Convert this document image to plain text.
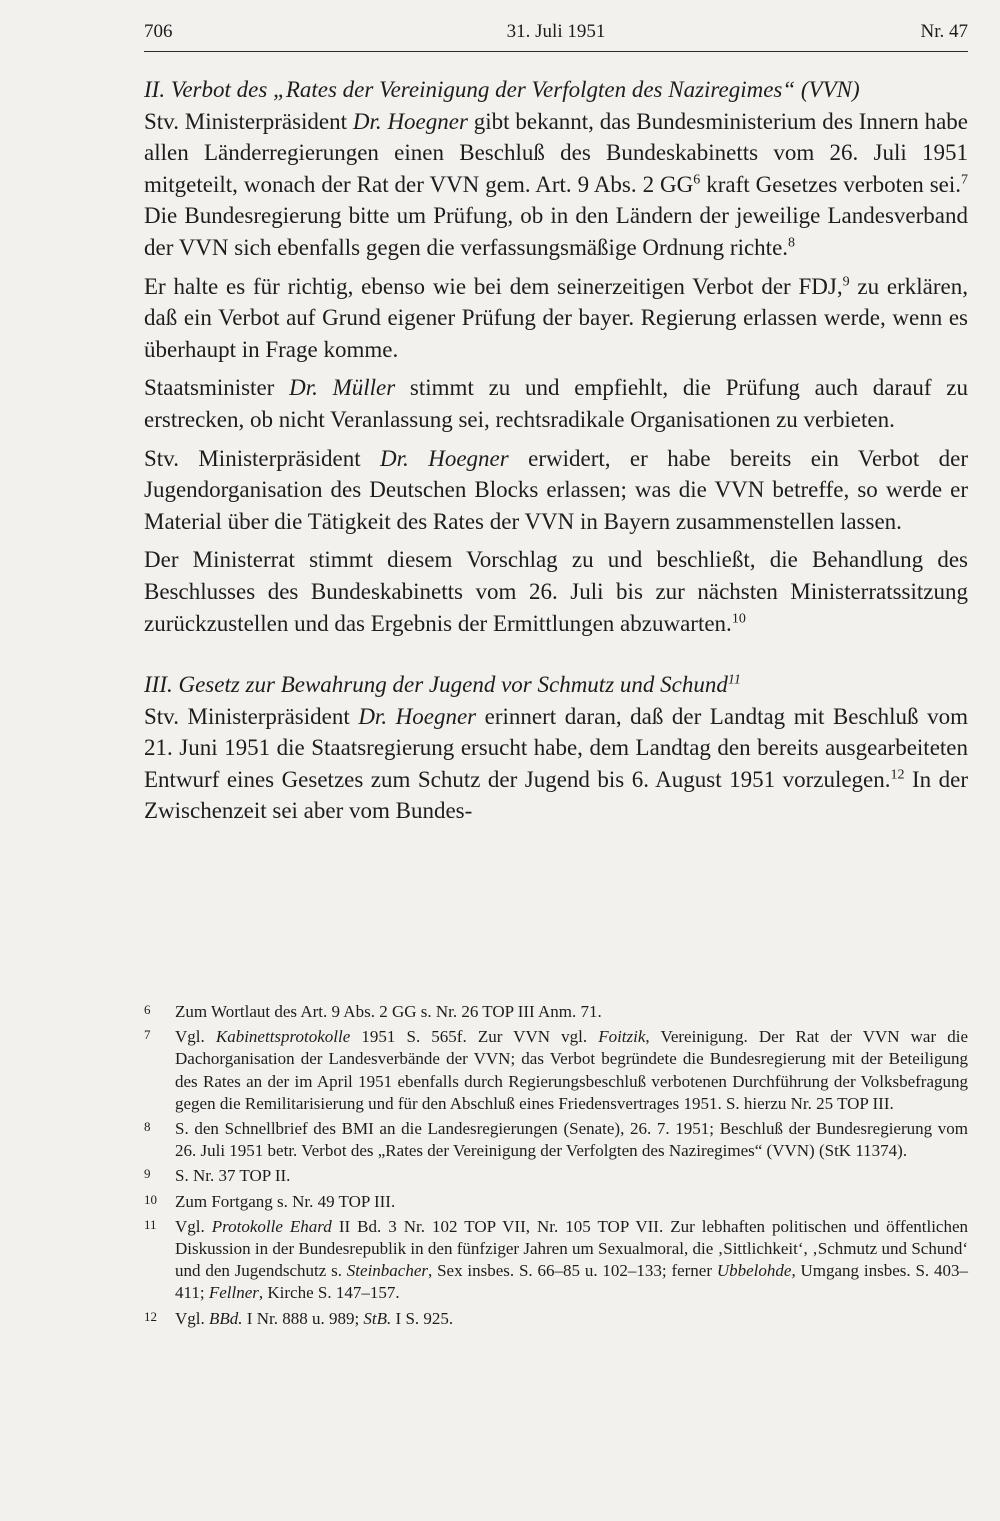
706	31. Juli 1951	Nr. 47

II. Verbot des „Rates der Vereinigung der Verfolgten des Naziregimes“ (VVN)

Stv. Ministerpräsident Dr. Hoegner gibt bekannt, das Bundesministerium des Innern habe allen Länderregierungen einen Beschluß des Bundeskabinetts vom 26. Juli 1951 mitgeteilt, wonach der Rat der VVN gem. Art. 9 Abs. 2 $GG^6$ kraft Gesetzes verboten sei.$^7$ Die Bundesregierung bitte um Prüfung, ob in den Ländern der jeweilige Landesverband der VVN sich ebenfalls gegen die verfassungsmäßige Ordnung richte.$^8$

Er halte es für richtig, ebenso wie bei dem seinerzeitigen Verbot der FDJ,$^9$ zu erklären, daß ein Verbot auf Grund eigener Prüfung der bayer. Regierung erlassen werde, wenn es überhaupt in Frage komme.

Staatsminister Dr. Müller stimmt zu und empfiehlt, die Prüfung auch darauf zu erstrecken, ob nicht Veranlassung sei, rechtsradikale Organisationen zu verbieten.

Stv. Ministerpräsident Dr. Hoegner erwidert, er habe bereits ein Verbot der Jugendorganisation des Deutschen Blocks erlassen; was die VVN betreffe, so werde er Material über die Tätigkeit des Rates der VVN in Bayern zusammenstellen lassen.

Der Ministerrat stimmt diesem Vorschlag zu und beschließt, die Behandlung des Beschlusses des Bundeskabinetts vom 26. Juli bis zur nächsten Ministerratssitzung zurückzustellen und das Ergebnis der Ermittlungen abzuwarten.$^{10}$

III. Gesetz zur Bewahrung der Jugend vor Schmutz und Schund$^{11}$

Stv. Ministerpräsident Dr. Hoegner erinnert daran, daß der Landtag mit Beschluß vom 21. Juni 1951 die Staatsregierung ersucht habe, dem Landtag den bereits ausgearbeiteten Entwurf eines Gesetzes zum Schutz der Jugend bis 6. August 1951 vorzulegen.$^{12}$ In der Zwischenzeit sei aber vom Bundes-

6 Zum Wortlaut des Art. 9 Abs. 2 GG s. Nr. 26 TOP III Anm. 71.
7 Vgl. Kabinettsprotokolle 1951 S. 565f. Zur VVN vgl. Foitzik, Vereinigung. Der Rat der VVN war die Dachorganisation der Landesverbände der VVN; das Verbot begründete die Bundesregierung mit der Beteiligung des Rates an der im April 1951 ebenfalls durch Regierungsbeschluß verbotenen Durchführung der Volksbefragung gegen die Remilitarisierung und für den Abschluß eines Friedensvertrages 1951. S. hierzu Nr. 25 TOP III.
8 S. den Schnellbrief des BMI an die Landesregierungen (Senate), 26. 7. 1951; Beschluß der Bundesregierung vom 26. Juli 1951 betr. Verbot des „Rates der Vereinigung der Verfolgten des Naziregimes“ (VVN) (StK 11374).
9 S. Nr. 37 TOP II.
10 Zum Fortgang s. Nr. 49 TOP III.
11 Vgl. Protokolle Ehard II Bd. 3 Nr. 102 TOP VII, Nr. 105 TOP VII. Zur lebhaften politischen und öffentlichen Diskussion in der Bundesrepublik in den fünfziger Jahren um Sexualmoral, die ‚Sittlichkeit‘, ‚Schmutz und Schund‘ und den Jugendschutz s. Steinbacher, Sex insbes. S. 66–85 u. 102–133; ferner Ubbelohde, Umgang insbes. S. 403–411; Fellner, Kirche S. 147–157.
12 Vgl. BBd. I Nr. 888 u. 989; StB. I S. 925.
